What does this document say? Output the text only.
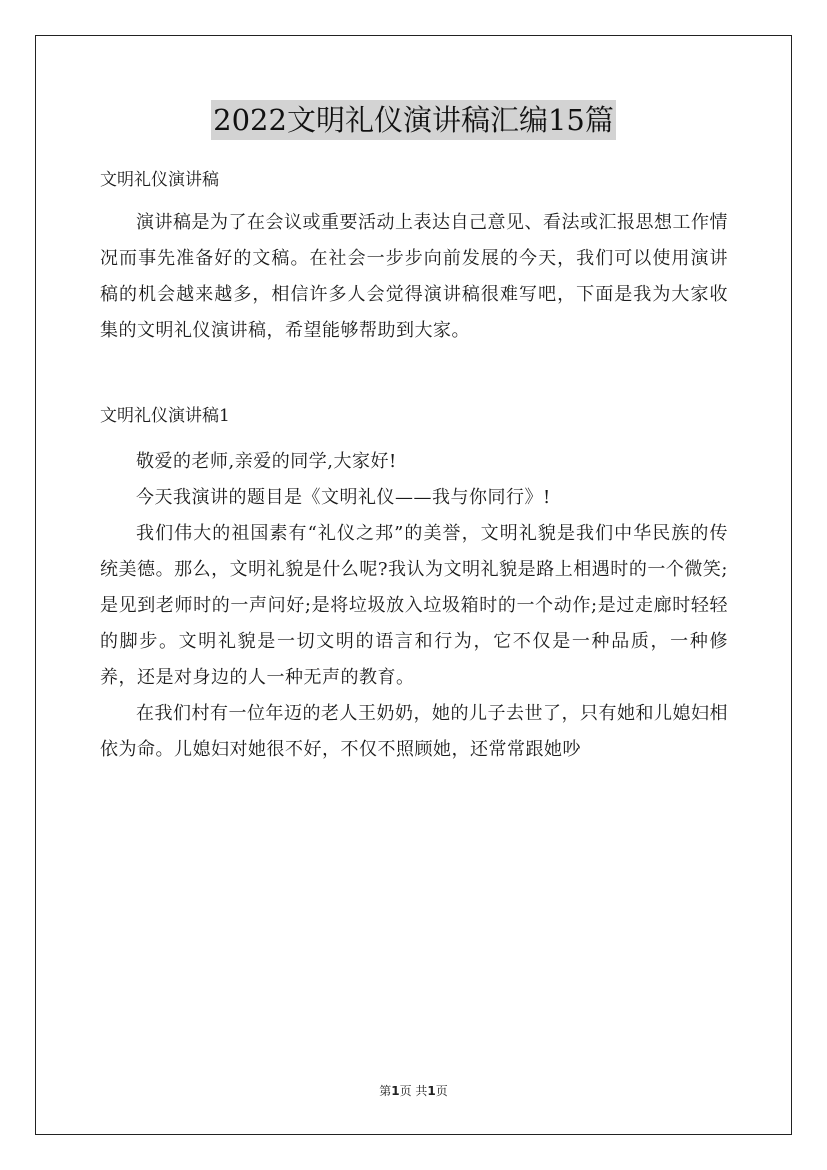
2022文明礼仪演讲稿汇编15篇

文明礼仪演讲稿

演讲稿是为了在会议或重要活动上表达自己意见、看法或汇报思想工作情况而事先准备好的文稿。在社会一步步向前发展的今天，我们可以使用演讲稿的机会越来越多，相信许多人会觉得演讲稿很难写吧，下面是我为大家收集的文明礼仪演讲稿，希望能够帮助到大家。

文明礼仪演讲稿1

敬爱的老师,亲爱的同学,大家好!

今天我演讲的题目是《文明礼仪——我与你同行》!

我们伟大的祖国素有“礼仪之邦”的美誉，文明礼貌是我们中华民族的传统美德。那么，文明礼貌是什么呢?我认为文明礼貌是路上相遇时的一个微笑;是见到老师时的一声问好;是将垃圾放入垃圾箱时的一个动作;是过走廊时轻轻的脚步。文明礼貌是一切文明的语言和行为，它不仅是一种品质，一种修养，还是对身边的人一种无声的教育。

在我们村有一位年迈的老人王奶奶，她的儿子去世了，只有她和儿媳妇相依为命。儿媳妇对她很不好，不仅不照顾她，还常常跟她吵

第1页 共1页
